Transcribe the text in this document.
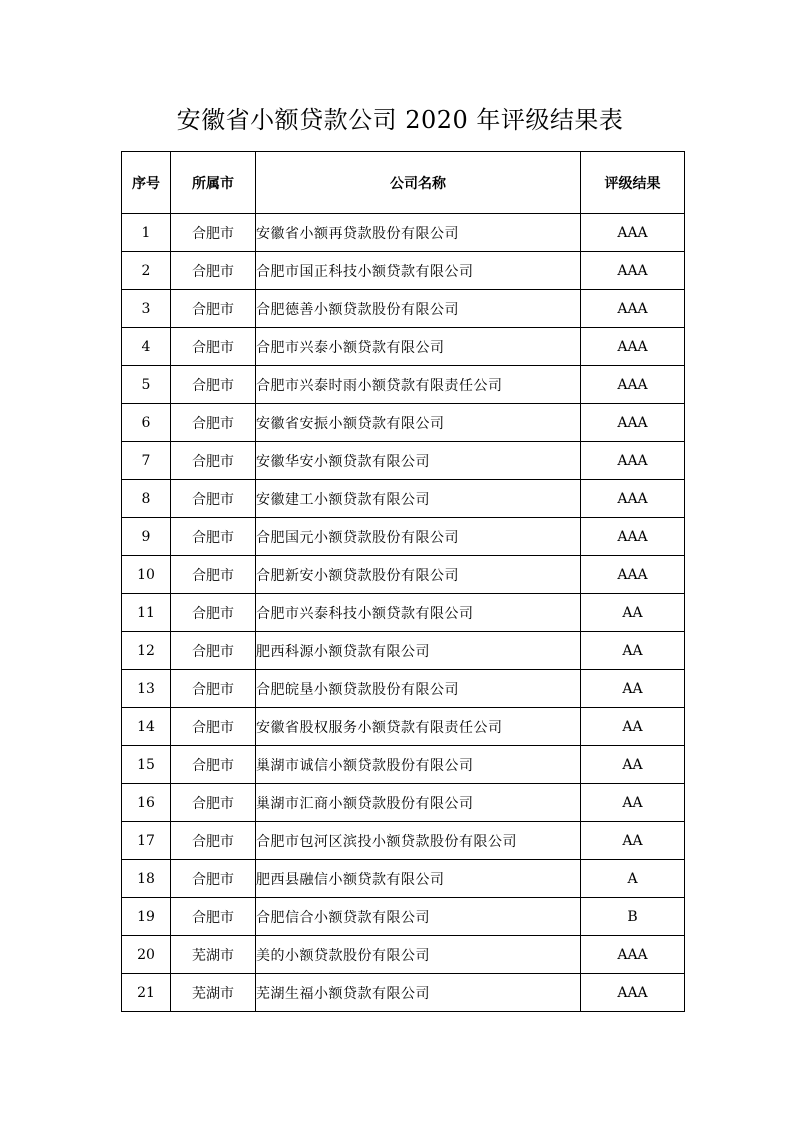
安徽省小额贷款公司 2020 年评级结果表
序号	所属市	公司名称	评级结果
1	合肥市	安徽省小额再贷款股份有限公司	AAA
2	合肥市	合肥市国正科技小额贷款有限公司	AAA
3	合肥市	合肥德善小额贷款股份有限公司	AAA
4	合肥市	合肥市兴泰小额贷款有限公司	AAA
5	合肥市	合肥市兴泰时雨小额贷款有限责任公司	AAA
6	合肥市	安徽省安振小额贷款有限公司	AAA
7	合肥市	安徽华安小额贷款有限公司	AAA
8	合肥市	安徽建工小额贷款有限公司	AAA
9	合肥市	合肥国元小额贷款股份有限公司	AAA
10	合肥市	合肥新安小额贷款股份有限公司	AAA
11	合肥市	合肥市兴泰科技小额贷款有限公司	AA
12	合肥市	肥西科源小额贷款有限公司	AA
13	合肥市	合肥皖垦小额贷款股份有限公司	AA
14	合肥市	安徽省股权服务小额贷款有限责任公司	AA
15	合肥市	巢湖市诚信小额贷款股份有限公司	AA
16	合肥市	巢湖市汇商小额贷款股份有限公司	AA
17	合肥市	合肥市包河区滨投小额贷款股份有限公司	AA
18	合肥市	肥西县融信小额贷款有限公司	A
19	合肥市	合肥信合小额贷款有限公司	B
20	芜湖市	美的小额贷款股份有限公司	AAA
21	芜湖市	芜湖生福小额贷款有限公司	AAA
